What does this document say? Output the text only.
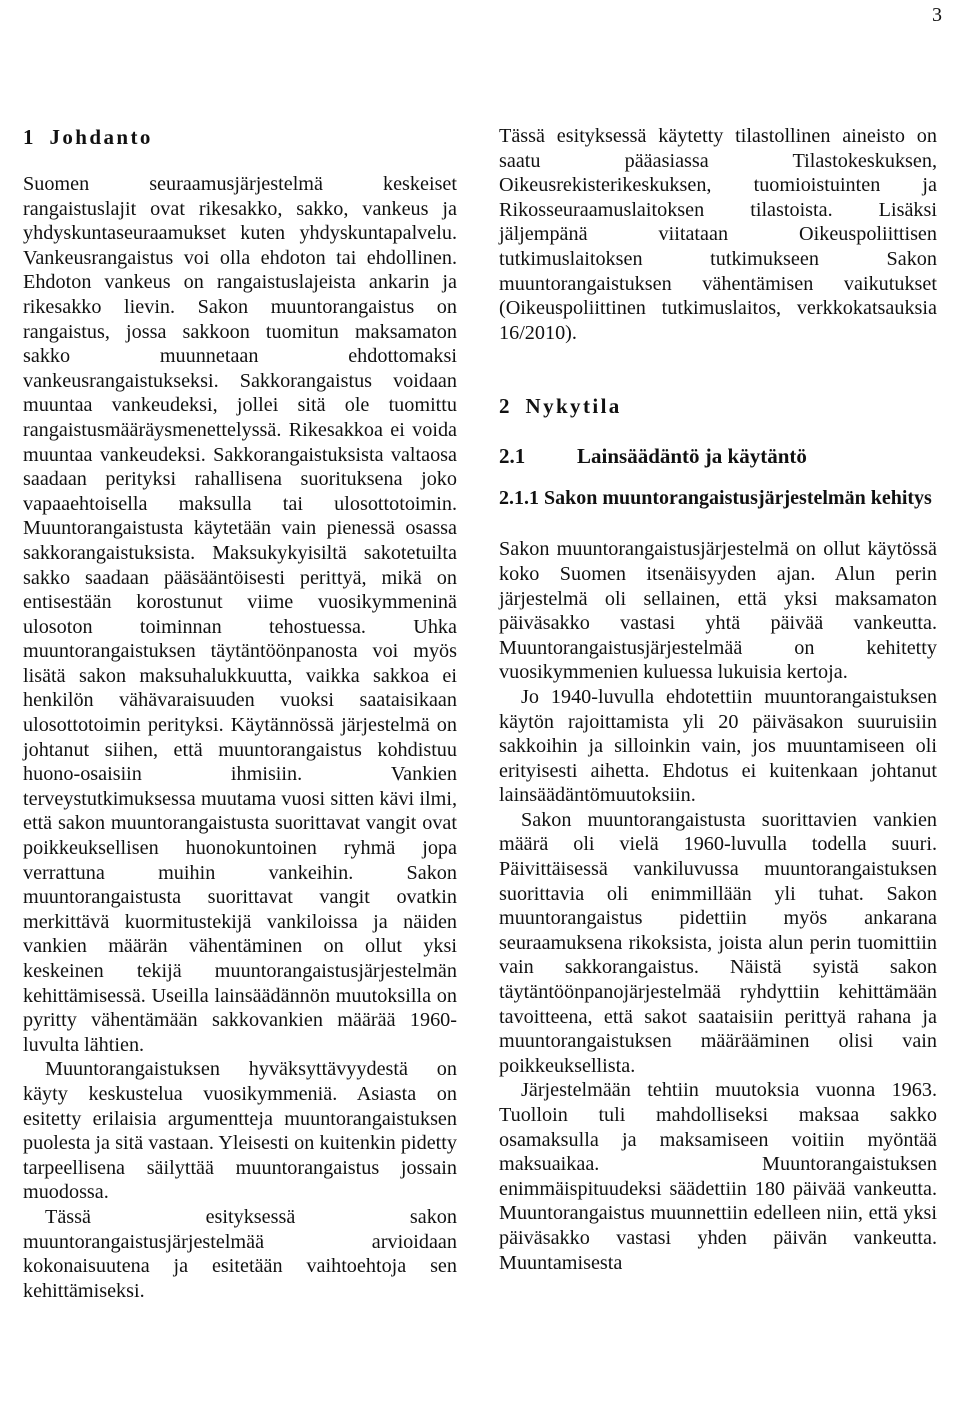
3
1 Johdanto

Suomen seuraamusjärjestelmä keskeiset rangaistuslajit ovat rikesakko, sakko, vankeus ja yhdyskuntaseuraamukset kuten yhdyskuntapalvelu. Vankeusrangaistus voi olla ehdoton tai ehdollinen. Ehdoton vankeus on rangaistuslajeista ankarin ja rikesakko lievin. Sakon muuntorangaistus on rangaistus, jossa sakkoon tuomitun maksamaton sakko muunnetaan ehdottomaksi vankeusrangaistukseksi. Sakkorangaistus voidaan muuntaa vankeudeksi, jollei sitä ole tuomittu rangaistusmääräysmenettelyssä. Rikesakkoa ei voida muuntaa vankeudeksi. Sakkorangaistuksista valtaosa saadaan perityksi rahallisena suorituksena joko vapaaehtoisella maksulla tai ulosottotoimin. Muuntorangaistusta käytetään vain pienessä osassa sakkorangaistuksista. Maksukykyisiltä sakotetuilta sakko saadaan pääsääntöisesti perittyä, mikä on entisestään korostunut viime vuosikymmeninä ulosoton toiminnan tehostuessa. Uhka muuntorangaistuksen täytäntöönpanosta voi myös lisätä sakon maksuhalukkuutta, vaikka sakkoa ei henkilön vähävaraisuuden vuoksi saataisikaan ulosottotoimin perityksi. Käytännössä järjestelmä on johtanut siihen, että muuntorangaistus kohdistuu huono-osaisiin ihmisiin. Vankien terveystutkimuksessa muutama vuosi sitten kävi ilmi, että sakon muuntorangaistusta suorittavat vangit ovat poikkeuksellisen huonokuntoinen ryhmä jopa verrattuna muihin vankeihin. Sakon muuntorangaistusta suorittavat vangit ovatkin merkittävä kuormitustekijä vankiloissa ja näiden vankien määrän vähentäminen on ollut yksi keskeinen tekijä muuntorangaistusjärjestelmän kehittämisessä. Useilla lainsäädännön muutoksilla on pyritty vähentämään sakkovankien määrää 1960-luvulta lähtien.

Muuntorangaistuksen hyväksyttävyydestä on käyty keskustelua vuosikymmeniä. Asiasta on esitetty erilaisia argumentteja muuntorangaistuksen puolesta ja sitä vastaan. Yleisesti on kuitenkin pidetty tarpeellisena säilyttää muuntorangaistus jossain muodossa.

Tässä esityksessä sakon muuntorangaistusjärjestelmää arvioidaan kokonaisuutena ja esitetään vaihtoehtoja sen kehittämiseksi.

Tässä esityksessä käytetty tilastollinen aineisto on saatu pääasiassa Tilastokeskuksen, Oikeusrekisterikeskuksen, tuomioistuinten ja Rikosseuraamuslaitoksen tilastoista. Lisäksi jäljempänä viitataan Oikeuspoliittisen tutkimuslaitoksen tutkimukseen Sakon muuntorangaistuksen vähentämisen vaikutukset (Oikeuspoliittinen tutkimuslaitos, verkkokatsauksia 16/2010).

2 Nykytila
2.1 Lainsäädäntö ja käytäntö
2.1.1 Sakon muuntorangaistusjärjestelmän kehitys

Sakon muuntorangaistusjärjestelmä on ollut käytössä koko Suomen itsenäisyyden ajan. Alun perin järjestelmä oli sellainen, että yksi maksamaton päiväsakko vastasi yhtä päivää vankeutta. Muuntorangaistusjärjestelmää on kehitetty vuosikymmenien kuluessa lukuisia kertoja.

Jo 1940-luvulla ehdotettiin muuntorangaistuksen käytön rajoittamista yli 20 päiväsakon suuruisiin sakkoihin ja silloinkin vain, jos muuntamiseen oli erityisesti aihetta. Ehdotus ei kuitenkaan johtanut lainsäädäntömuutoksiin.

Sakon muuntorangaistusta suorittavien vankien määrä oli vielä 1960-luvulla todella suuri. Päivittäisessä vankiluvussa muuntorangaistuksen suorittavia oli enimmillään yli tuhat. Sakon muuntorangaistus pidettiin myös ankarana seuraamuksena rikoksista, joista alun perin tuomittiin vain sakkorangaistus. Näistä syistä sakon täytäntöönpanojärjestelmää ryhdyttiin kehittämään tavoitteena, että sakot saataisiin perittyä rahana ja muuntorangaistuksen määrääminen olisi vain poikkeuksellista.

Järjestelmään tehtiin muutoksia vuonna 1963. Tuolloin tuli mahdolliseksi maksaa sakko osamaksulla ja maksamiseen voitiin myöntää maksuaikaa. Muuntorangaistuksen enimmäispituudeksi säädettiin 180 päivää vankeutta. Muuntorangaistus muunnettiin edelleen niin, että yksi päiväsakko vastasi yhden päivän vankeutta. Muuntamisesta
